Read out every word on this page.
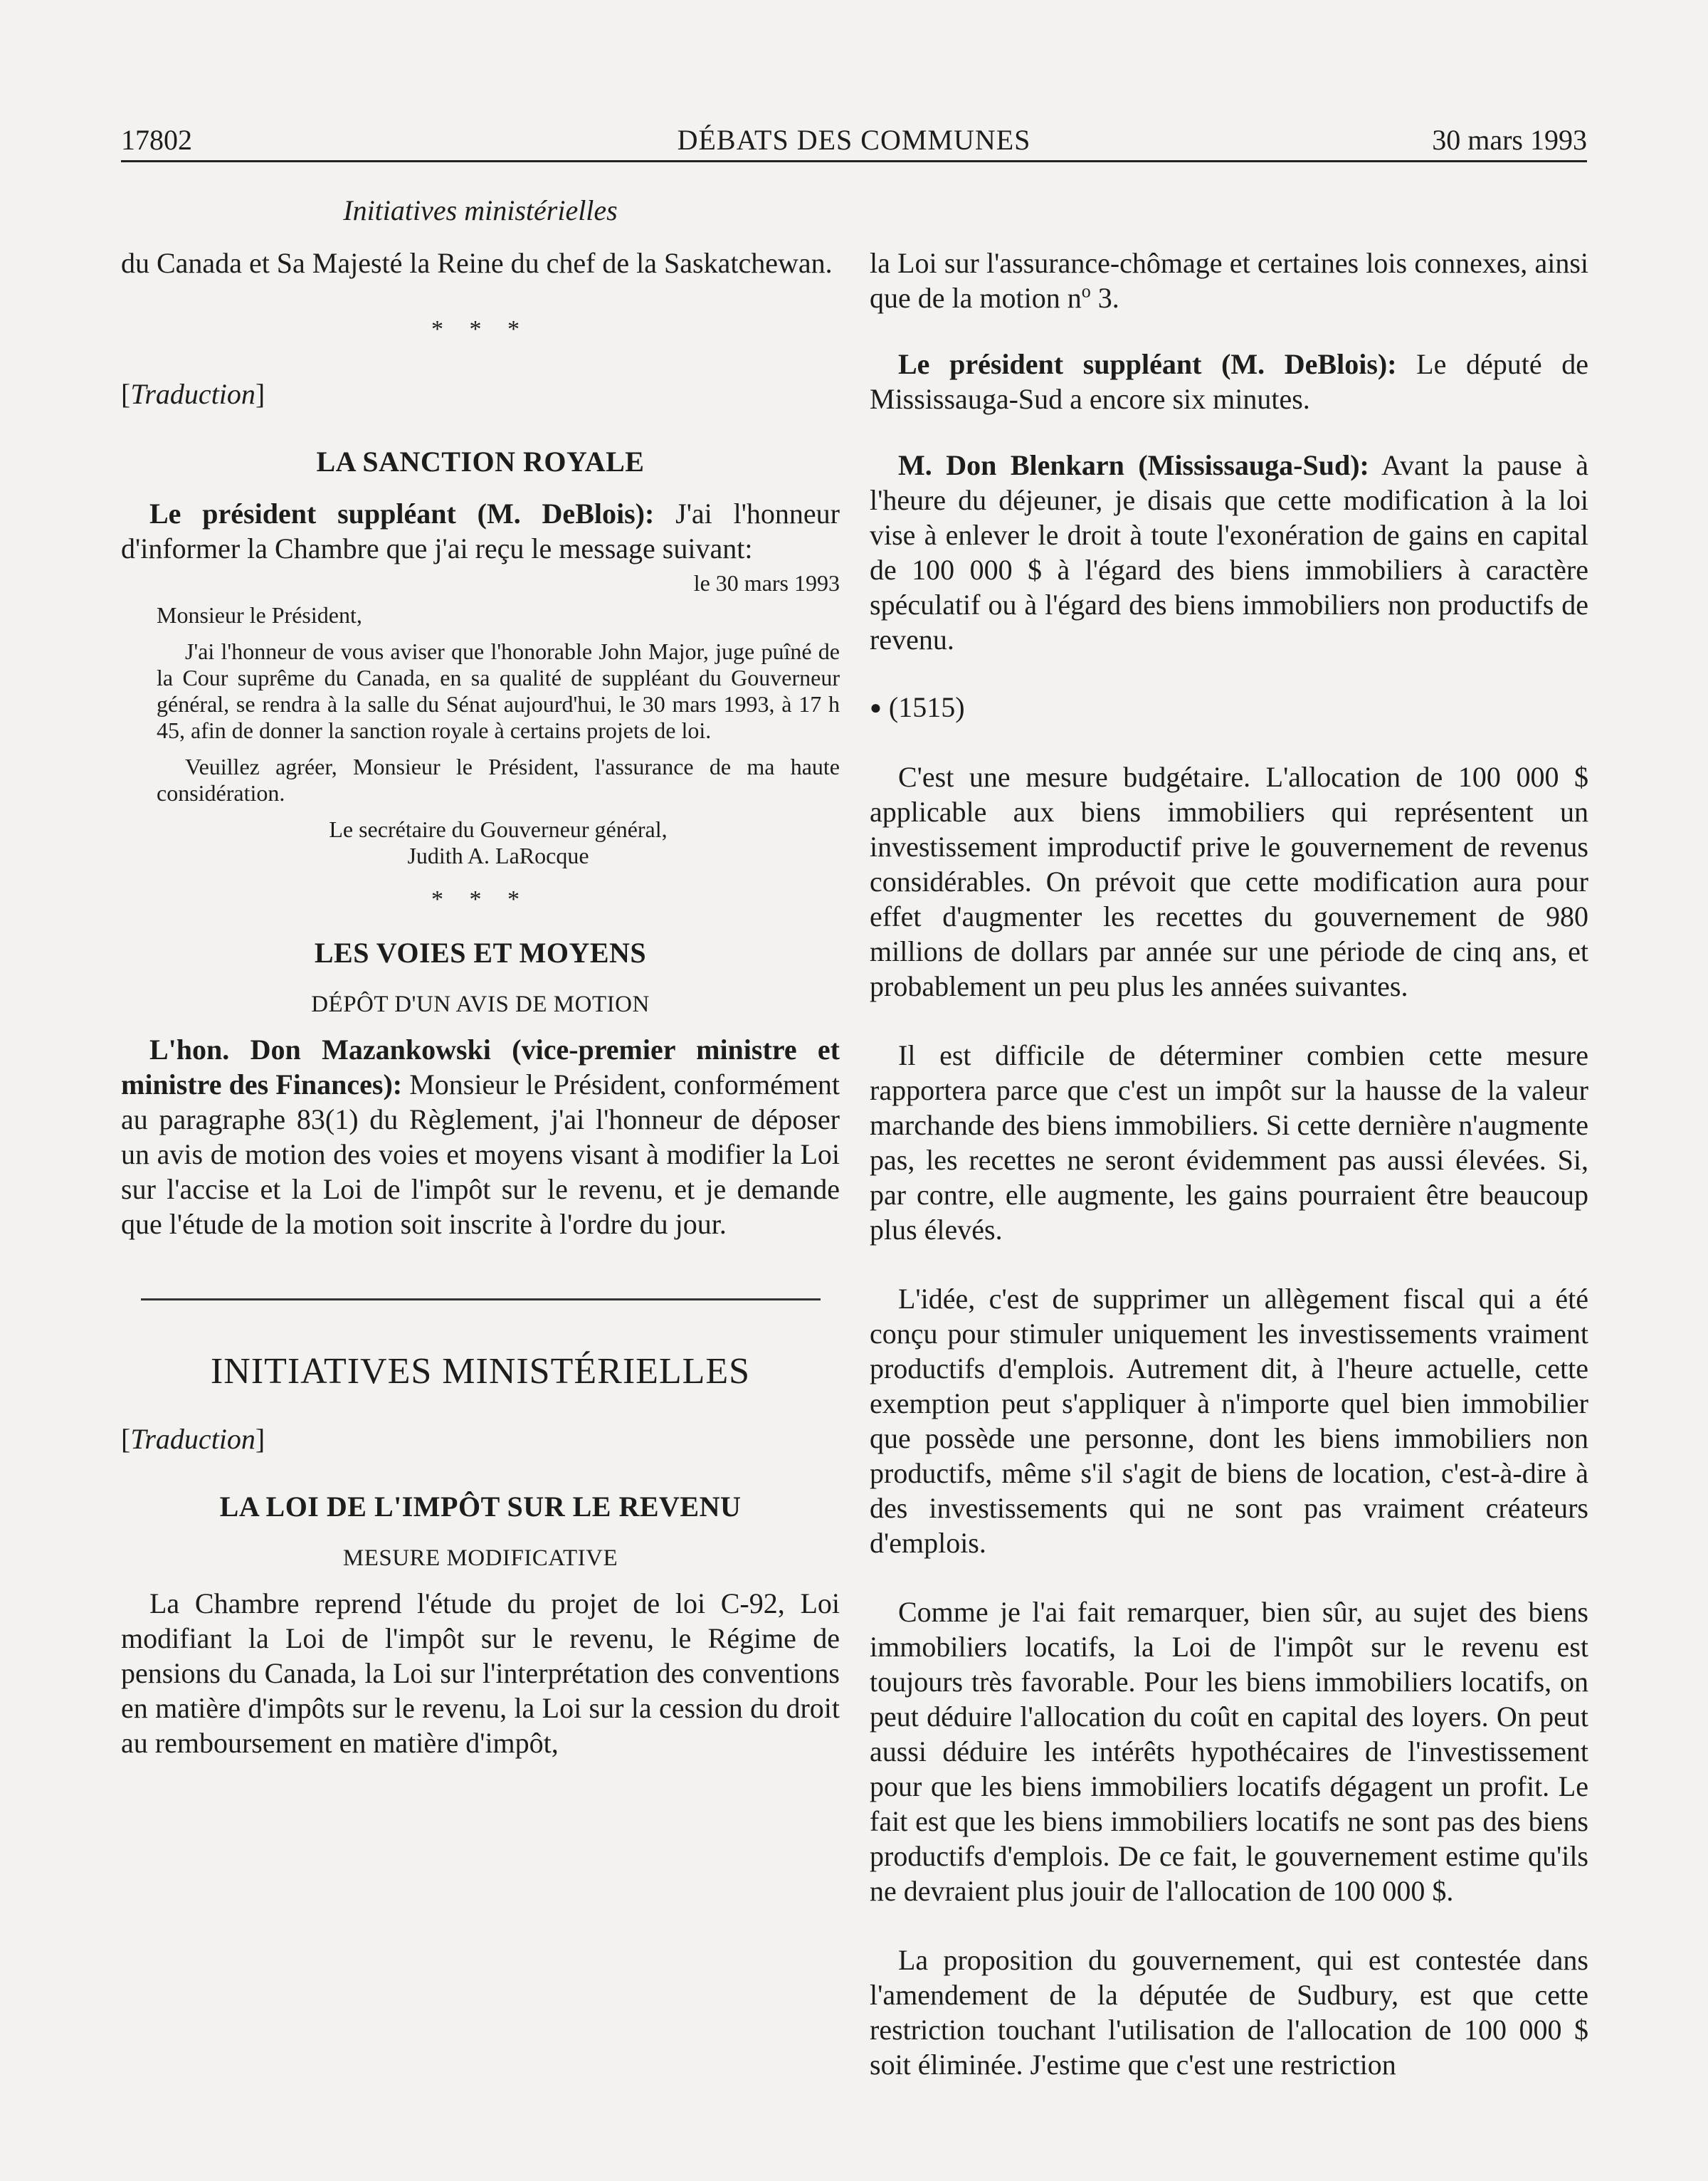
17802	DÉBATS DES COMMUNES	30 mars 1993
Initiatives ministérielles

du Canada et Sa Majesté la Reine du chef de la Saskatchewan.

* * *

[Traduction]

LA SANCTION ROYALE

Le président suppléant (M. DeBlois): J'ai l'honneur d'informer la Chambre que j'ai reçu le message suivant:

le 30 mars 1993

Monsieur le Président,

J'ai l'honneur de vous aviser que l'honorable John Major, juge puîné de la Cour suprême du Canada, en sa qualité de suppléant du Gouverneur général, se rendra à la salle du Sénat aujourd'hui, le 30 mars 1993, à 17 h 45, afin de donner la sanction royale à certains projets de loi.

Veuillez agréer, Monsieur le Président, l'assurance de ma haute considération.

Le secrétaire du Gouverneur général,
Judith A. LaRocque
* * *
LES VOIES ET MOYENS
DÉPÔT D'UN AVIS DE MOTION

L'hon. Don Mazankowski (vice-premier ministre et ministre des Finances): Monsieur le Président, conformément au paragraphe 83(1) du Règlement, j'ai l'honneur de déposer un avis de motion des voies et moyens visant à modifier la Loi sur l'accise et la Loi de l'impôt sur le revenu, et je demande que l'étude de la motion soit inscrite à l'ordre du jour.

INITIATIVES MINISTÉRIELLES

[Traduction]

LA LOI DE L'IMPÔT SUR LE REVENU
MESURE MODIFICATIVE

La Chambre reprend l'étude du projet de loi C-92, Loi modifiant la Loi de l'impôt sur le revenu, le Régime de pensions du Canada, la Loi sur l'interprétation des conventions en matière d'impôts sur le revenu, la Loi sur la cession du droit au remboursement en matière d'impôt,

la Loi sur l'assurance-chômage et certaines lois connexes, ainsi que de la motion $n^o$ 3.

Le président suppléant (M. DeBlois): Le député de Mississauga-Sud a encore six minutes.

M. Don Blenkarn (Mississauga-Sud): Avant la pause à l'heure du déjeuner, je disais que cette modification à la loi vise à enlever le droit à toute l'exonération de gains en capital de 100 000 $ à l'égard des biens immobiliers à caractère spéculatif ou à l'égard des biens immobiliers non productifs de revenu.

● (1515)

C'est une mesure budgétaire. L'allocation de 100 000 $ applicable aux biens immobiliers qui représentent un investissement improductif prive le gouvernement de revenus considérables. On prévoit que cette modification aura pour effet d'augmenter les recettes du gouvernement de 980 millions de dollars par année sur une période de cinq ans, et probablement un peu plus les années suivantes.

Il est difficile de déterminer combien cette mesure rapportera parce que c'est un impôt sur la hausse de la valeur marchande des biens immobiliers. Si cette dernière n'augmente pas, les recettes ne seront évidemment pas aussi élevées. Si, par contre, elle augmente, les gains pourraient être beaucoup plus élevés.

L'idée, c'est de supprimer un allègement fiscal qui a été conçu pour stimuler uniquement les investissements vraiment productifs d'emplois. Autrement dit, à l'heure actuelle, cette exemption peut s'appliquer à n'importe quel bien immobilier que possède une personne, dont les biens immobiliers non productifs, même s'il s'agit de biens de location, c'est-à-dire à des investissements qui ne sont pas vraiment créateurs d'emplois.

Comme je l'ai fait remarquer, bien sûr, au sujet des biens immobiliers locatifs, la Loi de l'impôt sur le revenu est toujours très favorable. Pour les biens immobiliers locatifs, on peut déduire l'allocation du coût en capital des loyers. On peut aussi déduire les intérêts hypothécaires de l'investissement pour que les biens immobiliers locatifs dégagent un profit. Le fait est que les biens immobiliers locatifs ne sont pas des biens productifs d'emplois. De ce fait, le gouvernement estime qu'ils ne devraient plus jouir de l'allocation de 100 000 $.

La proposition du gouvernement, qui est contestée dans l'amendement de la députée de Sudbury, est que cette restriction touchant l'utilisation de l'allocation de 100 000 $ soit éliminée. J'estime que c'est une restriction
